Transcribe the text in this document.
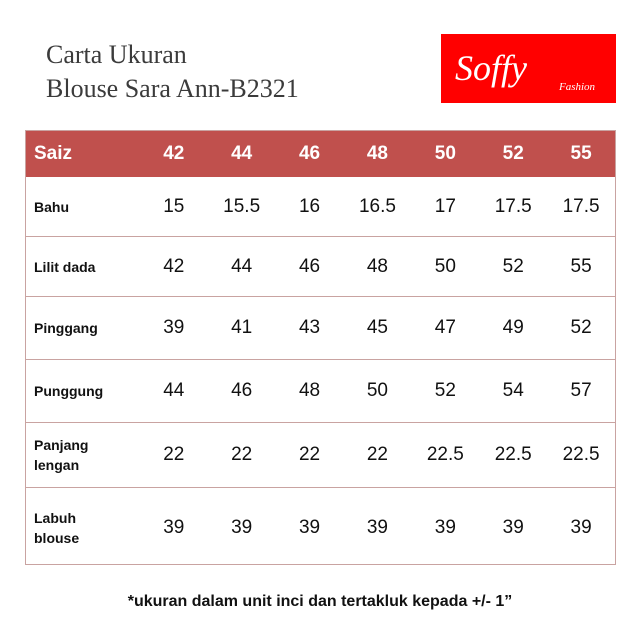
Carta Ukuran
Blouse Sara Ann-B2321
Soffy	Fashion
Saiz	42	44	46	48	50	52	55
Bahu	15	15.5	16	16.5	17	17.5	17.5
Lilit dada	42	44	46	48	50	52	55
Pinggang	39	41	43	45	47	49	52
Punggung	44	46	48	50	52	54	57
Panjang
lengan	22	22	22	22	22.5	22.5	22.5
Labuh
blouse	39	39	39	39	39	39	39
*ukuran dalam unit inci dan tertakluk kepada +/- 1”
